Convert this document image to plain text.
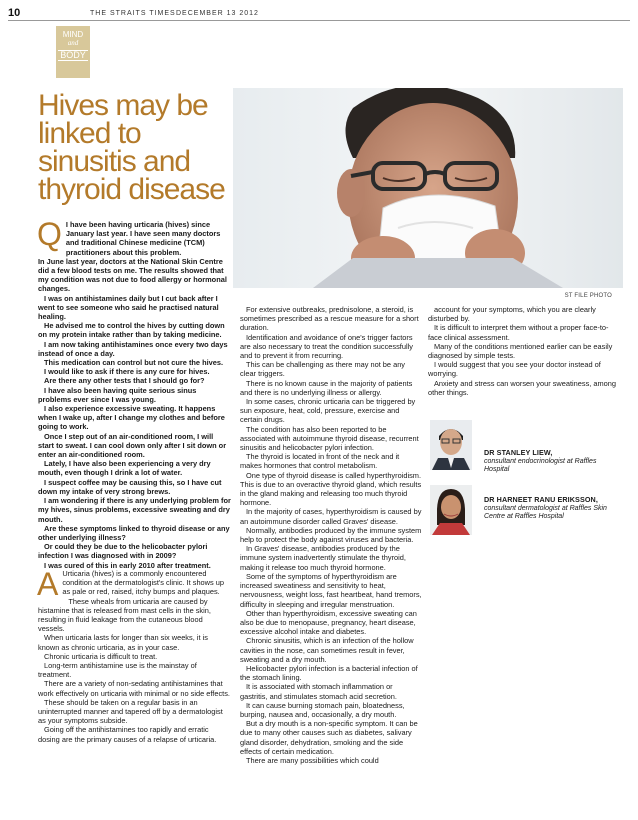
10	THE STRAITS TIMES DECEMBER 13 2012
MIND
and
BODY
Hives may be linked to sinusitis and thyroid disease
ST FILE PHOTO
Q I have been having urticaria (hives) since January last year. I have seen many doctors and traditional Chinese medicine (TCM) practitioners about this problem.

In June last year, doctors at the National Skin Centre did a few blood tests on me. The results showed that my condition was not due to food allergy or hormonal changes.

I was on antihistamines daily but I cut back after I went to see someone who said he practised natural healing.

He advised me to control the hives by cutting down on my protein intake rather than by taking medicine.

I am now taking antihistamines once every two days instead of once a day.

This medication can control but not cure the hives.

I would like to ask if there is any cure for hives.

Are there any other tests that I should go for?

I have also been having quite serious sinus problems ever since I was young.

I also experience excessive sweating. It happens when I wake up, after I change my clothes and before going to work.

Once I step out of an air-conditioned room, I will start to sweat. I can cool down only after I sit down or enter an air-conditioned room.

Lately, I have also been experiencing a very dry mouth, even though I drink a lot of water.

I suspect coffee may be causing this, so I have cut down my intake of very strong brews.

I am wondering if there is any underlying problem for my hives, sinus problems, excessive sweating and dry mouth.

Are these symptoms linked to thyroid disease or any other underlying illness?

Or could they be due to the helicobacter pylori infection I was diagnosed with in 2009?

I was cured of this in early 2010 after treatment.

A Urticaria (hives) is a commonly encountered condition at the dermatologist's clinic. It shows up as pale or red, raised, itchy bumps and plaques.

These wheals from urticaria are caused by histamine that is released from mast cells in the skin, resulting in fluid leakage from the cutaneous blood vessels.

When urticaria lasts for longer than six weeks, it is known as chronic urticaria, as in your case.

Chronic urticaria is difficult to treat.

Long-term antihistamine use is the mainstay of treatment.

There are a variety of non-sedating antihistamines that work effectively on urticaria with minimal or no side effects.

These should be taken on a regular basis in an uninterrupted manner and tapered off by a dermatologist as your symptoms subside.

Going off the antihistamines too rapidly and erratic dosing are the primary causes of a relapse of urticaria.

For extensive outbreaks, prednisolone, a steroid, is sometimes prescribed as a rescue measure for a short duration.

Identification and avoidance of one's trigger factors are also necessary to treat the condition successfully and to prevent it from recurring.

This can be challenging as there may not be any clear triggers.

There is no known cause in the majority of patients and there is no underlying illness or allergy.

In some cases, chronic urticaria can be triggered by sun exposure, heat, cold, pressure, exercise and certain drugs.

The condition has also been reported to be associated with autoimmune thyroid disease, recurrent sinusitis and helicobacter pylori infection.

The thyroid is located in front of the neck and it makes hormones that control metabolism.

One type of thyroid disease is called hyperthyroidism. This is due to an overactive thyroid gland, which results in the gland making and releasing too much thyroid hormone.

In the majority of cases, hyperthyroidism is caused by an autoimmune disorder called Graves' disease.

Normally, antibodies produced by the immune system help to protect the body against viruses and bacteria.

In Graves' disease, antibodies produced by the immune system inadvertently stimulate the thyroid, making it release too much thyroid hormone.

Some of the symptoms of hyperthyroidism are increased sweatiness and sensitivity to heat, nervousness, weight loss, fast heartbeat, hand tremors, difficulty in sleeping and irregular menstruation.

Other than hyperthyroidism, excessive sweating can also be due to menopause, pregnancy, heart disease, excessive alcohol intake and diabetes.

Chronic sinusitis, which is an infection of the hollow cavities in the nose, can sometimes result in fever, sweating and a dry mouth.

Helicobacter pylori infection is a bacterial infection of the stomach lining.

It is associated with stomach inflammation or gastritis, and stimulates stomach acid secretion.

It can cause burning stomach pain, bloatedness, burping, nausea and, occasionally, a dry mouth.

But a dry mouth is a non-specific symptom. It can be due to many other causes such as diabetes, salivary gland disorder, dehydration, smoking and the side effects of certain medication.

There are many possibilities which could

account for your symptoms, which you are clearly disturbed by.

It is difficult to interpret them without a proper face-to-face clinical assessment.

Many of the conditions mentioned earlier can be easily diagnosed by simple tests.

I would suggest that you see your doctor instead of worrying.

Anxiety and stress can worsen your sweatiness, among other things.

DR STANLEY LIEW,
consultant endocrinologist at Raffles Hospital
DR HARNEET RANU ERIKSSON,
consultant dermatologist at Raffles Skin Centre at Raffles Hospital
